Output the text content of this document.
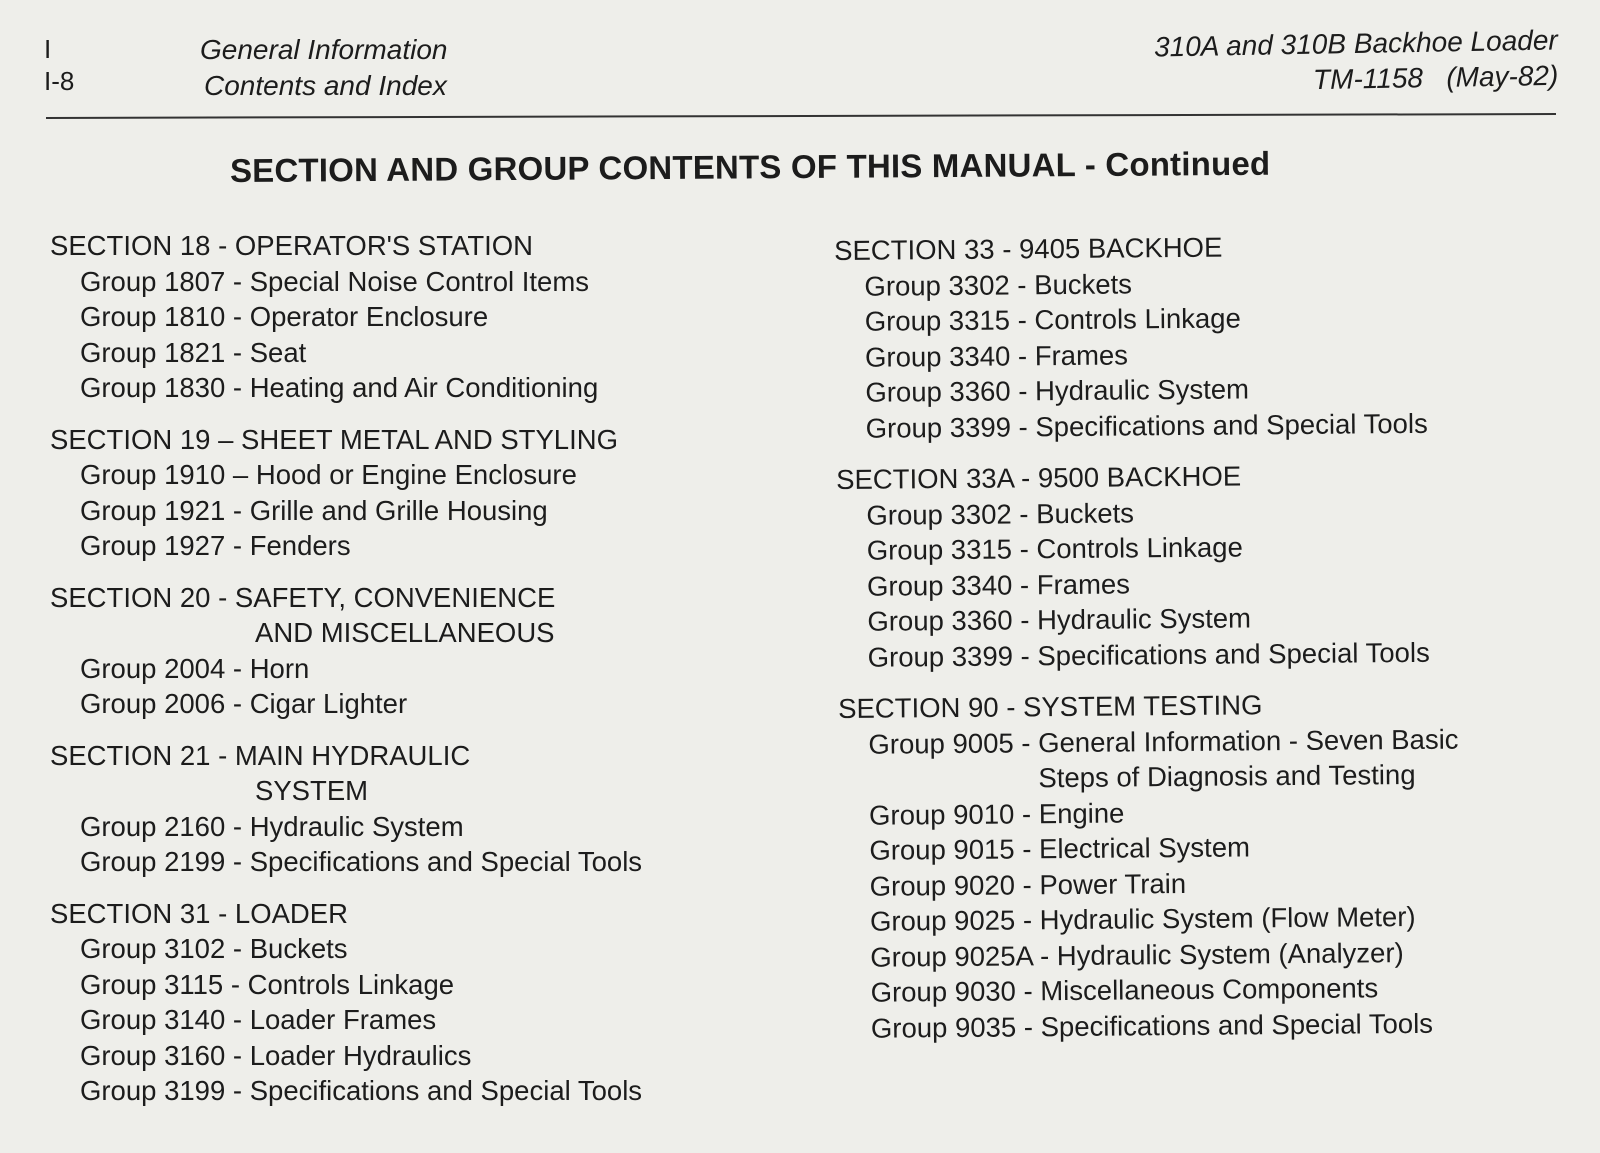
I
I-8
General Information
Contents and Index
310A and 310B Backhoe Loader
TM-1158   (May-82)
SECTION AND GROUP CONTENTS OF THIS MANUAL - Continued
SECTION 18 - OPERATOR'S STATION
Group 1807 - Special Noise Control Items
Group 1810 - Operator Enclosure
Group 1821 - Seat
Group 1830 - Heating and Air Conditioning
SECTION 19 – SHEET METAL AND STYLING
Group 1910 – Hood or Engine Enclosure
Group 1921 - Grille and Grille Housing
Group 1927 - Fenders
SECTION 20 - SAFETY, CONVENIENCE
AND MISCELLANEOUS
Group 2004 - Horn
Group 2006 - Cigar Lighter
SECTION 21 - MAIN HYDRAULIC
SYSTEM
Group 2160 - Hydraulic System
Group 2199 - Specifications and Special Tools
SECTION 31 - LOADER
Group 3102 - Buckets
Group 3115 - Controls Linkage
Group 3140 - Loader Frames
Group 3160 - Loader Hydraulics
Group 3199 - Specifications and Special Tools
SECTION 33 - 9405 BACKHOE
Group 3302 - Buckets
Group 3315 - Controls Linkage
Group 3340 - Frames
Group 3360 - Hydraulic System
Group 3399 - Specifications and Special Tools
SECTION 33A - 9500 BACKHOE
Group 3302 - Buckets
Group 3315 - Controls Linkage
Group 3340 - Frames
Group 3360 - Hydraulic System
Group 3399 - Specifications and Special Tools
SECTION 90 - SYSTEM TESTING
Group 9005 - General Information - Seven Basic
Steps of Diagnosis and Testing
Group 9010 - Engine
Group 9015 - Electrical System
Group 9020 - Power Train
Group 9025 - Hydraulic System (Flow Meter)
Group 9025A - Hydraulic System (Analyzer)
Group 9030 - Miscellaneous Components
Group 9035 - Specifications and Special Tools
